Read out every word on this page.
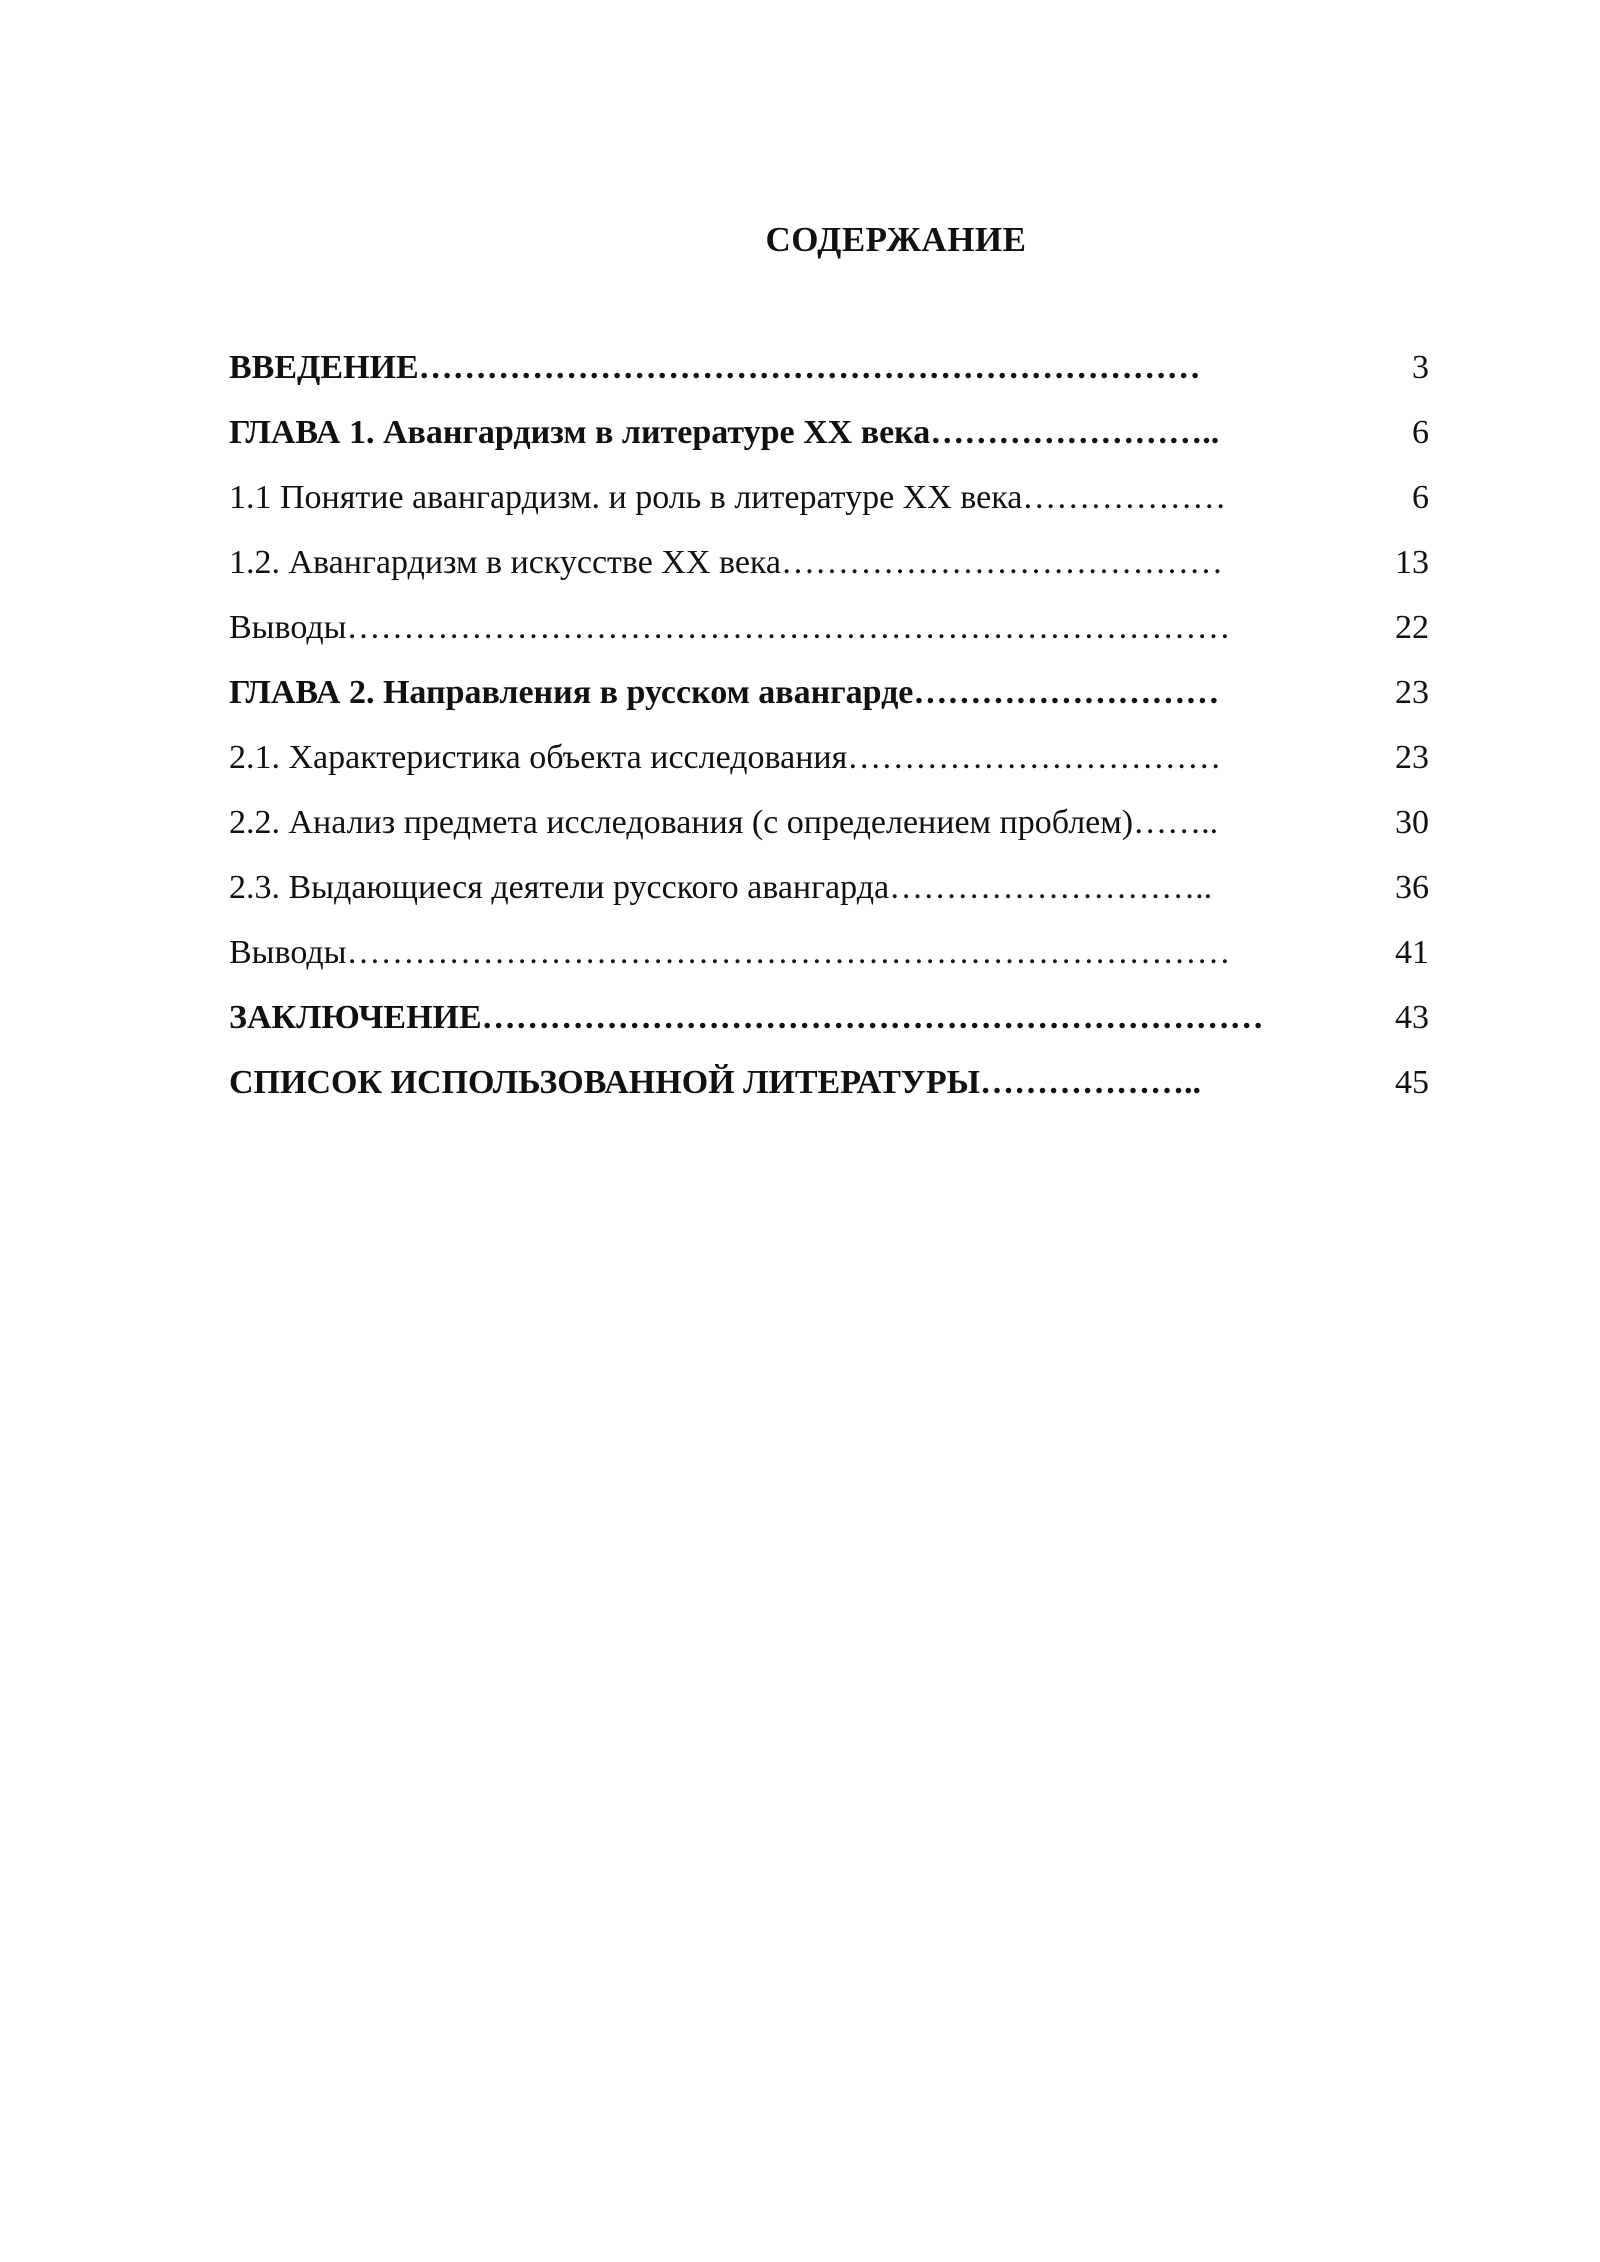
СОДЕРЖАНИЕ
ВВЕДЕНИЕ……………………………………………………………	3
ГЛАВА 1. Авангардизм в литературе XX века……………………..	6
1.1 Понятие авангардизм. и роль в литературе XX века………………	6
1.2. Авангардизм в искусстве XX века…………………………………	13
Выводы……………………………………………………………………	22
ГЛАВА 2. Направления в русском авангарде………………………	23
2.1. Характеристика объекта исследования……………………………	23
2.2. Анализ предмета исследования (с определением проблем)……..	30
2.3. Выдающиеся деятели русского авангарда………………………..	36
Выводы……………………………………………………………………	41
ЗАКЛЮЧЕНИЕ……………………………………………………………	43
СПИСОК ИСПОЛЬЗОВАННОЙ ЛИТЕРАТУРЫ………………..	45
